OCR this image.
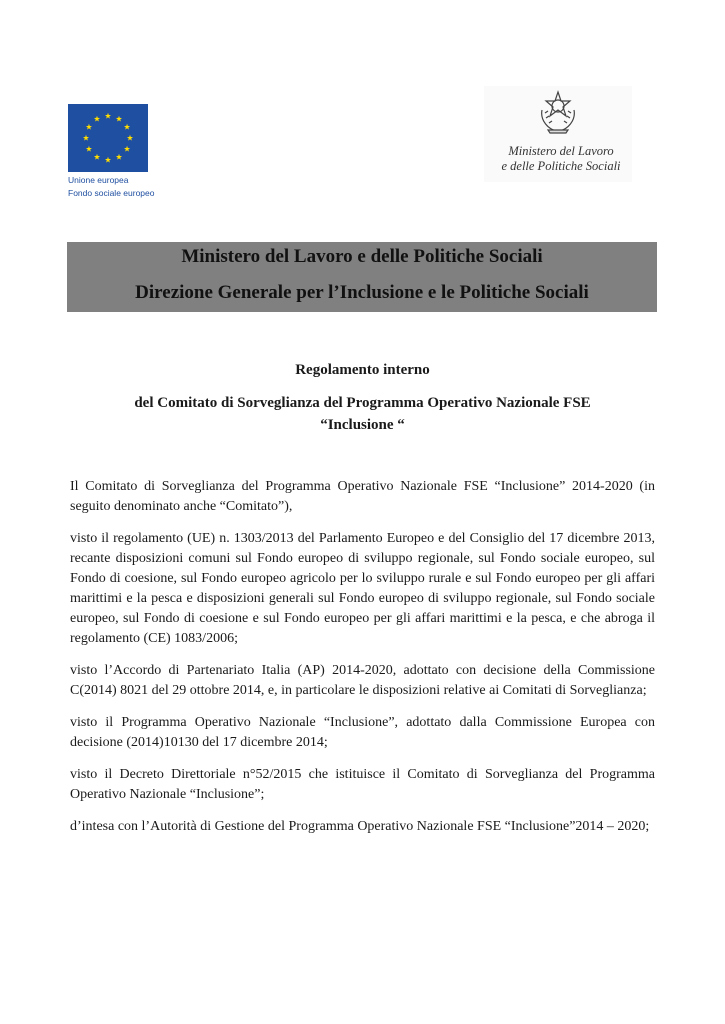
Unione europea
Fondo sociale europeo
Ministero del Lavoro
e delle Politiche Sociali
Ministero del Lavoro e delle Politiche Sociali
Direzione Generale per l’Inclusione e le Politiche Sociali
Regolamento interno
del Comitato di Sorveglianza del Programma Operativo Nazionale FSE
“Inclusione “

Il Comitato di Sorveglianza del Programma Operativo Nazionale FSE “Inclusione” 2014-2020 (in seguito denominato anche “Comitato”),

visto il regolamento (UE) n. 1303/2013 del Parlamento Europeo e del Consiglio del 17 dicembre 2013, recante disposizioni comuni sul Fondo europeo di sviluppo regionale, sul Fondo sociale europeo, sul Fondo di coesione, sul Fondo europeo agricolo per lo sviluppo rurale e sul Fondo europeo per gli affari marittimi e la pesca e disposizioni generali sul Fondo europeo di sviluppo regionale, sul Fondo sociale europeo, sul Fondo di coesione e sul Fondo europeo per gli affari marittimi e la pesca, e che abroga il regolamento (CE) 1083/2006;

visto l’Accordo di Partenariato Italia (AP) 2014-2020, adottato con decisione della Commissione C(2014) 8021 del 29 ottobre 2014, e, in particolare le disposizioni relative ai Comitati di Sorveglianza;

visto il Programma Operativo Nazionale “Inclusione”, adottato dalla Commissione Europea con decisione (2014)10130 del 17 dicembre 2014;

visto il Decreto Direttoriale n°52/2015 che istituisce il Comitato di Sorveglianza del Programma Operativo Nazionale “Inclusione”;

d’intesa con l’Autorità di Gestione del Programma Operativo Nazionale FSE “Inclusione”2014 – 2020;
